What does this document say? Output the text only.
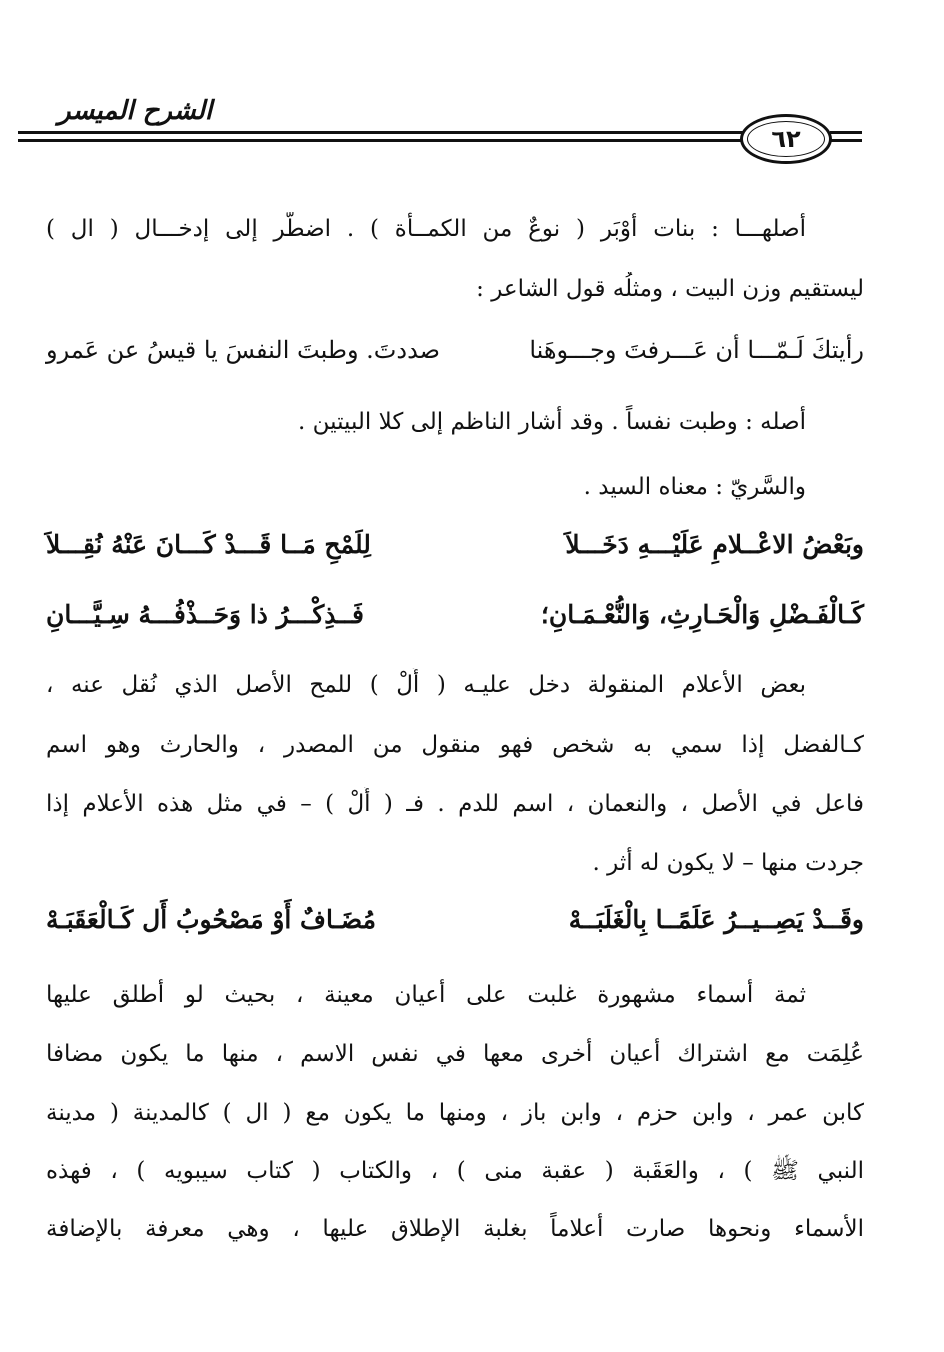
الشرح الميسر
٦٢
أصلهـــا : بنات أوْبَر ( نوعٌ من الكمــأة ) . اضطُّر إلى إدخـــال ( ال )
ليستقيم وزن البيت ، ومثلُه قول الشاعر :
رأيتكَ لَـمّـــا أن عَـــرفتَ وجـــوهَنا
صددتَ. وطبتَ النفسَ يا قيسُ عن عَمرو
أصله : وطبت نفساً . وقد أشار الناظم إلى كلا البيتين .
والسَّريّ : معناه السيد .
وبَعْضُ الاعْــلامِ عَلَيْـــهِ دَخَـــلاَ
لِلَمْحِ مَــا قَـــدْ كَـــانَ عَنْهُ نُقِـــلاَ
كَـالْفَـضْلِ وَالْحَـارِثِ، وَالنُّعْـمَـانِ؛
فَــذِكْـــرُ ذا وَحَــذْفُـــهُ سِـيَّـــانِ
بعض الأعلام المنقولة دخل عليـه ( أَلْ ) للمح الأصل الذي نُقل عنه ،
كـالفضل إذا سمي به شخص فهو منقول من المصدر ، والحارث وهو اسم
فاعل في الأصل ، والنعمان ، اسم للدم . فـ ( أَلْ ) – في مثل هذه الأعلام إذا
جردت منها – لا يكون له أثر .
وقَــدْ يَصِــيــرُ عَلَمًــا بِالْغَلَبَــهْ
مُضَـافٌ أَوْ مَصْحُوبُ أَل كَـالْعَقَبَـهْ
ثمة أسماء مشهورة غلبت على أعيان معينة ، بحيث لو أطلق عليها
عُلِمَت مع اشتراك أعيان أخرى معها في نفس الاسم ، منها ما يكون مضافا
كابن عمر ، وابن حزم ، وابن باز ، ومنها ما يكون مع ( ال ) كالمدينة ( مدينة
النبي ﷺ ) ، والعَقَبة ( عقبة منى ) ، والكتاب ( كتاب سيبويه ) ، فهذه
الأسماء ونحوها صارت أعلاماً بغلبة الإطلاق عليها ، وهي معرفة بالإضافة
